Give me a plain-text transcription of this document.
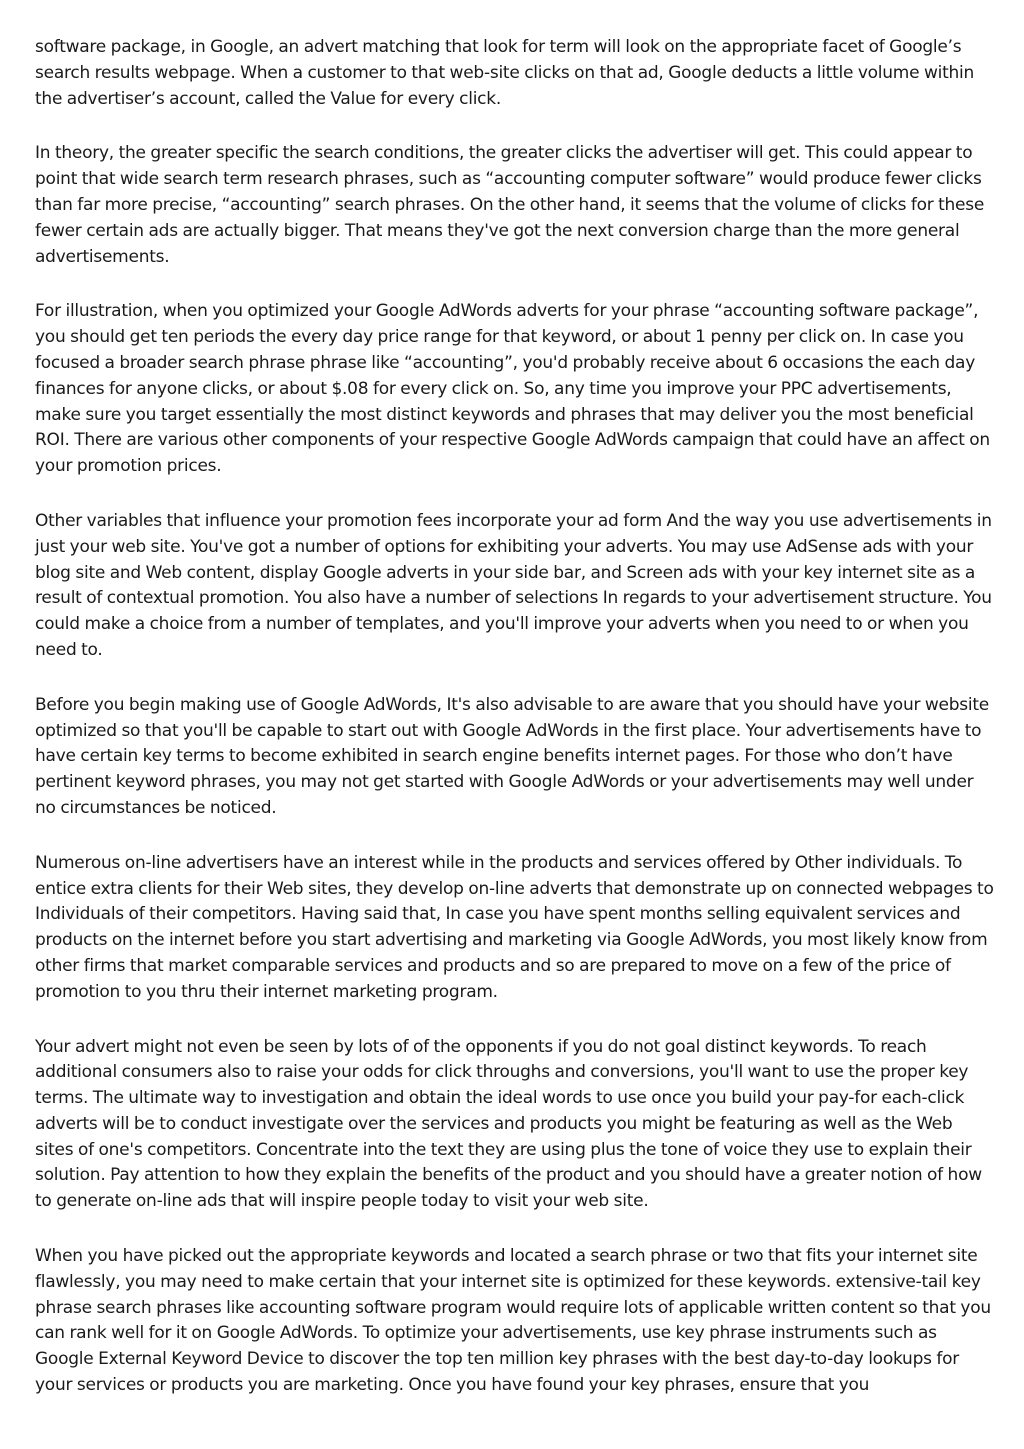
software package, in Google, an advert matching that look for term will look on the appropriate facet of Google’s search results webpage. When a customer to that web-site clicks on that ad, Google deducts a little volume within the advertiser’s account, called the Value for every click.

In theory, the greater specific the search conditions, the greater clicks the advertiser will get. This could appear to point that wide search term research phrases, such as “accounting computer software” would produce fewer clicks than far more precise, “accounting” search phrases. On the other hand, it seems that the volume of clicks for these fewer certain ads are actually bigger. That means they've got the next conversion charge than the more general advertisements.

For illustration, when you optimized your Google AdWords adverts for your phrase “accounting software package”, you should get ten periods the every day price range for that keyword, or about 1 penny per click on. In case you focused a broader search phrase phrase like “accounting”, you'd probably receive about 6 occasions the each day finances for anyone clicks, or about $.08 for every click on. So, any time you improve your PPC advertisements, make sure you target essentially the most distinct keywords and phrases that may deliver you the most beneficial ROI. There are various other components of your respective Google AdWords campaign that could have an affect on your promotion prices.

Other variables that influence your promotion fees incorporate your ad form And the way you use advertisements in just your web site. You've got a number of options for exhibiting your adverts. You may use AdSense ads with your blog site and Web content, display Google adverts in your side bar, and Screen ads with your key internet site as a result of contextual promotion. You also have a number of selections In regards to your advertisement structure. You could make a choice from a number of templates, and you'll improve your adverts when you need to or when you need to.

Before you begin making use of Google AdWords, It's also advisable to are aware that you should have your website optimized so that you'll be capable to start out with Google AdWords in the first place. Your advertisements have to have certain key terms to become exhibited in search engine benefits internet pages. For those who don’t have pertinent keyword phrases, you may not get started with Google AdWords or your advertisements may well under no circumstances be noticed.

Numerous on-line advertisers have an interest while in the products and services offered by Other individuals. To entice extra clients for their Web sites, they develop on-line adverts that demonstrate up on connected webpages to Individuals of their competitors. Having said that, In case you have spent months selling equivalent services and products on the internet before you start advertising and marketing via Google AdWords, you most likely know from other firms that market comparable services and products and so are prepared to move on a few of the price of promotion to you thru their internet marketing program.

Your advert might not even be seen by lots of of the opponents if you do not goal distinct keywords. To reach additional consumers also to raise your odds for click throughs and conversions, you'll want to use the proper key terms. The ultimate way to investigation and obtain the ideal words to use once you build your pay-for each-click adverts will be to conduct investigate over the services and products you might be featuring as well as the Web sites of one's competitors. Concentrate into the text they are using plus the tone of voice they use to explain their solution. Pay attention to how they explain the benefits of the product and you should have a greater notion of how to generate on-line ads that will inspire people today to visit your web site.

When you have picked out the appropriate keywords and located a search phrase or two that fits your internet site flawlessly, you may need to make certain that your internet site is optimized for these keywords. extensive-tail key phrase search phrases like accounting software program would require lots of applicable written content so that you can rank well for it on Google AdWords. To optimize your advertisements, use key phrase instruments such as Google External Keyword Device to discover the top ten million key phrases with the best day-to-day lookups for your services or products you are marketing. Once you have found your key phrases, ensure that you
